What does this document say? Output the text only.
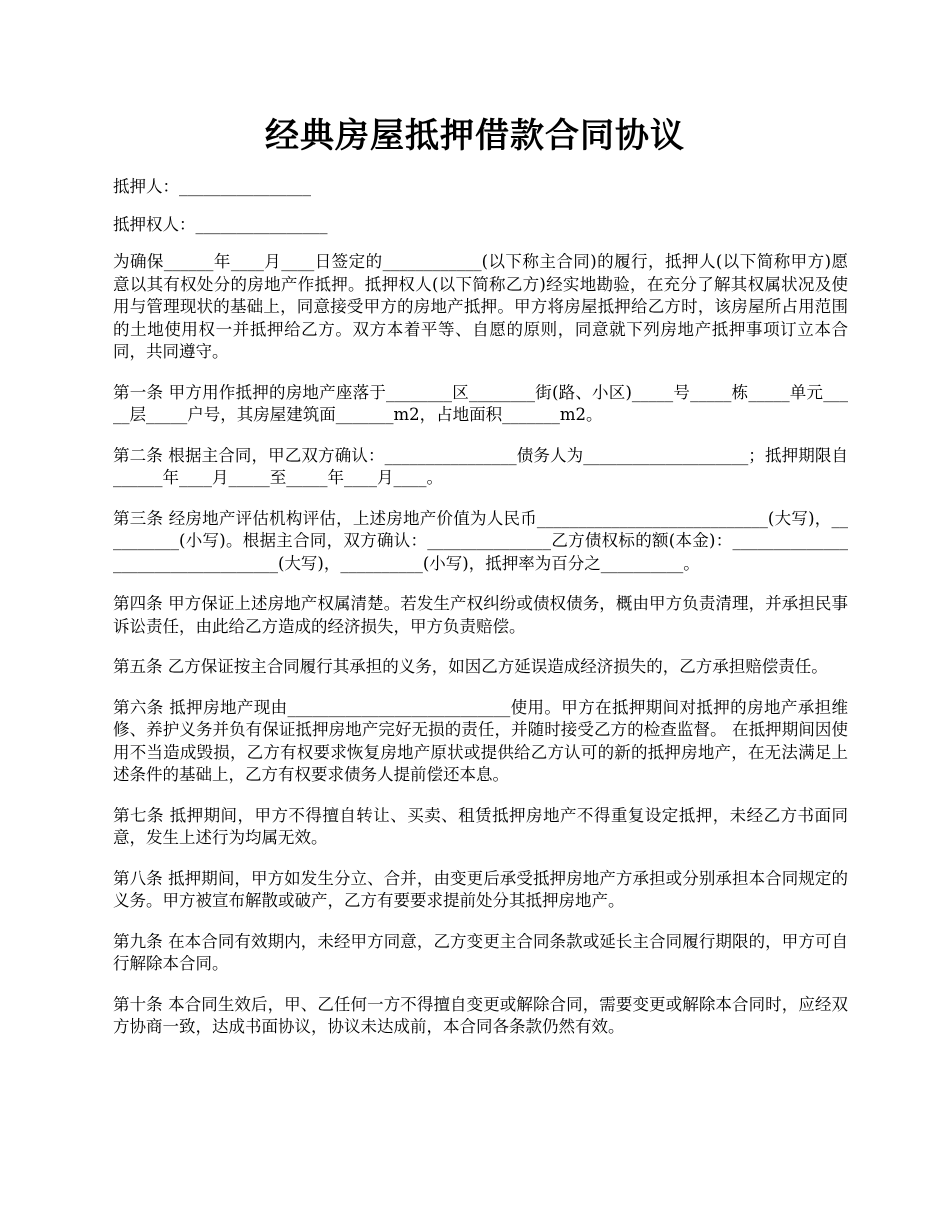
经典房屋抵押借款合同协议

抵押人：________________

抵押权人：________________

为确保______年____月____日签定的____________(以下称主合同)的履行，抵押人(以下简称甲方)愿意以其有权处分的房地产作抵押。抵押权人(以下简称乙方)经实地勘验，在充分了解其权属状况及使用与管理现状的基础上，同意接受甲方的房地产抵押。甲方将房屋抵押给乙方时，该房屋所占用范围的土地使用权一并抵押给乙方。双方本着平等、自愿的原则，同意就下列房地产抵押事项订立本合同，共同遵守。

第一条 甲方用作抵押的房地产座落于________区________街(路、小区)_____号_____栋_____单元_____层_____户号，其房屋建筑面_______m2，占地面积_______m2。

第二条 根据主合同，甲乙双方确认：________________债务人为____________________；抵押期限自______年____月_____至_____年____月____。

第三条 经房地产评估机构评估，上述房地产价值为人民币____________________________(大写)，__________(小写)。根据主合同，双方确认：_______________乙方债权标的额(本金)：__________________________________(大写)，__________(小写)，抵押率为百分之__________。

第四条 甲方保证上述房地产权属清楚。若发生产权纠纷或债权债务，概由甲方负责清理，并承担民事诉讼责任，由此给乙方造成的经济损失，甲方负责赔偿。

第五条 乙方保证按主合同履行其承担的义务，如因乙方延误造成经济损失的，乙方承担赔偿责任。

第六条 抵押房地产现由___________________________使用。甲方在抵押期间对抵押的房地产承担维修、养护义务并负有保证抵押房地产完好无损的责任，并随时接受乙方的检查监督。 在抵押期间因使用不当造成毁损，乙方有权要求恢复房地产原状或提供给乙方认可的新的抵押房地产，在无法满足上述条件的基础上，乙方有权要求债务人提前偿还本息。

第七条 抵押期间，甲方不得擅自转让、买卖、租赁抵押房地产不得重复设定抵押，未经乙方书面同意，发生上述行为均属无效。

第八条 抵押期间，甲方如发生分立、合并，由变更后承受抵押房地产方承担或分别承担本合同规定的义务。甲方被宣布解散或破产，乙方有要要求提前处分其抵押房地产。

第九条 在本合同有效期内，未经甲方同意，乙方变更主合同条款或延长主合同履行期限的，甲方可自行解除本合同。

第十条 本合同生效后，甲、乙任何一方不得擅自变更或解除合同，需要变更或解除本合同时，应经双方协商一致，达成书面协议，协议未达成前，本合同各条款仍然有效。
